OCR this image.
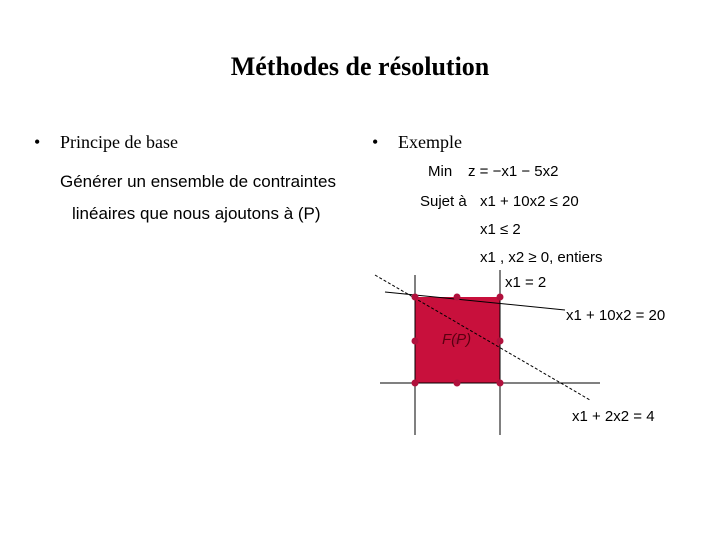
Méthodes de résolution
•	Principe de base	•	Exemple
Générer un ensemble de contraintes
linéaires que nous ajoutons à (P)
Min z = −x1 − 5x2
Sujet à x1 + 10x2 ≤ 20
x1 ≤ 2
x1 , x2 ≥ 0, entiers
F(P)
x1 = 2
x1 + 10x2 = 20
x1 + 2x2 = 4
